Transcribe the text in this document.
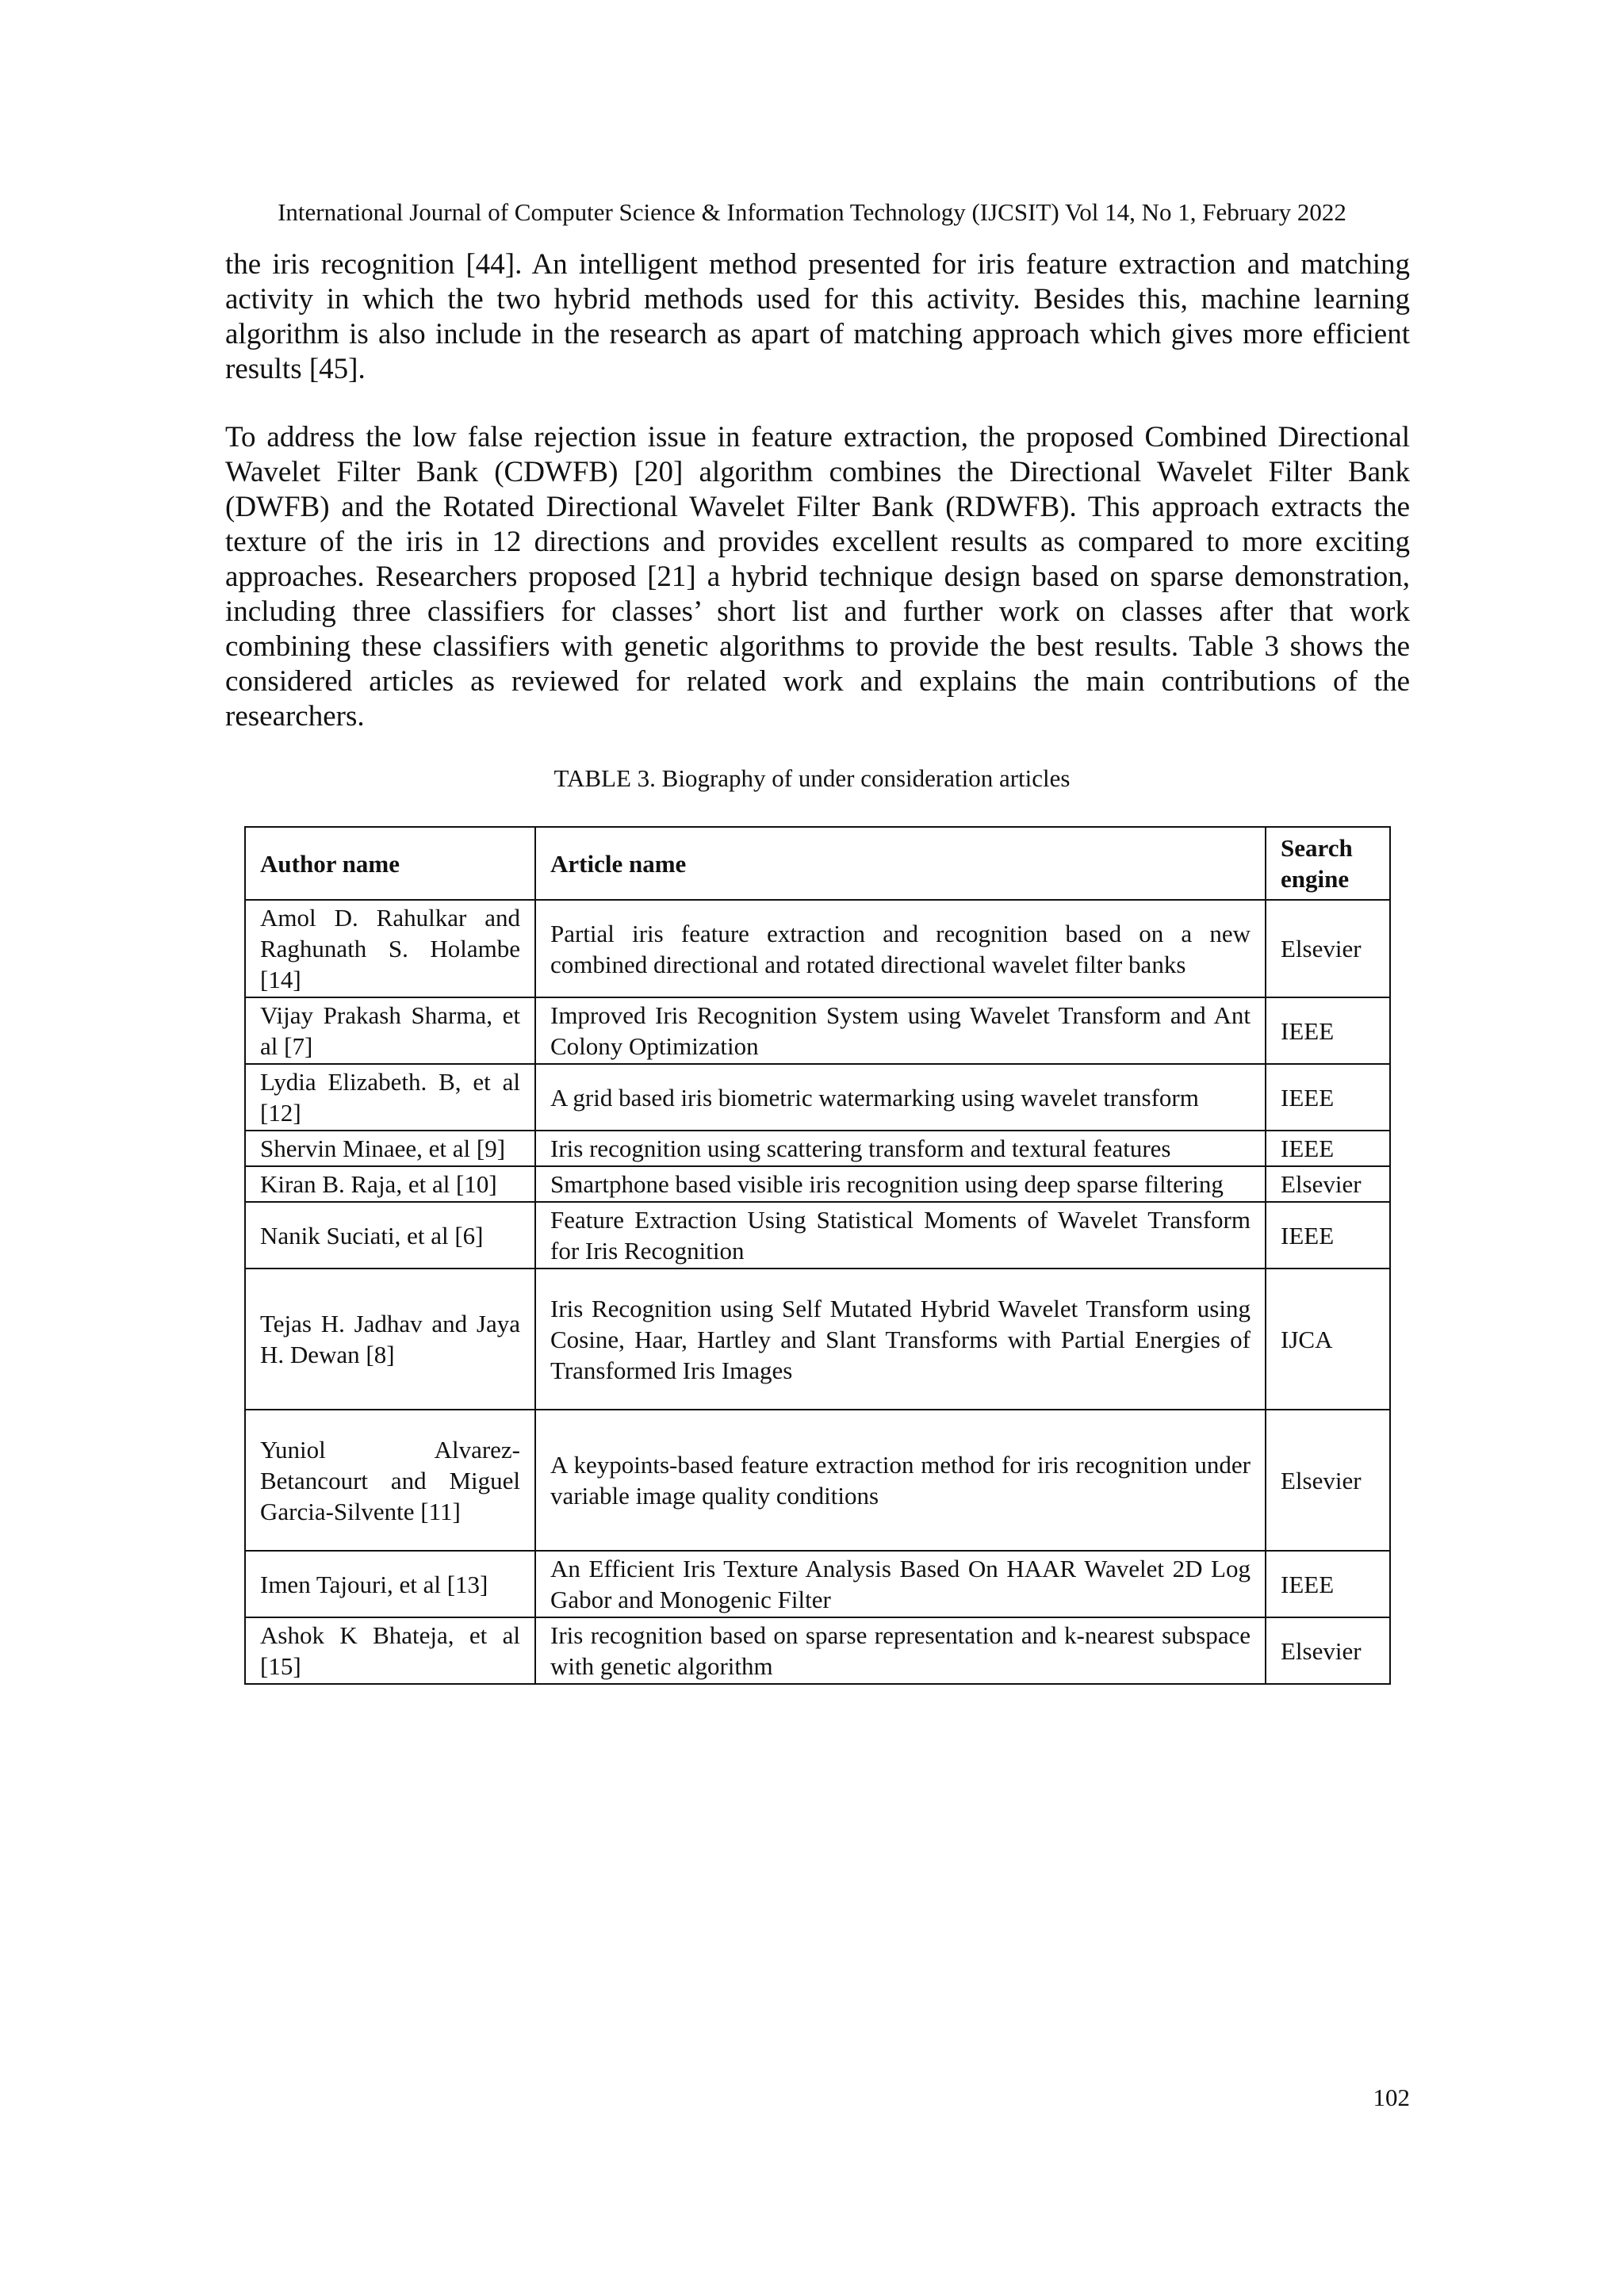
International Journal of Computer Science & Information Technology (IJCSIT) Vol 14, No 1, February 2022

the iris recognition [44]. An intelligent method presented for iris feature extraction and matching activity in which the two hybrid methods used for this activity. Besides this, machine learning algorithm is also include in the research as apart of matching approach which gives more efficient results [45].

To address the low false rejection issue in feature extraction, the proposed Combined Directional Wavelet Filter Bank (CDWFB) [20] algorithm combines the Directional Wavelet Filter Bank (DWFB) and the Rotated Directional Wavelet Filter Bank (RDWFB). This approach extracts the texture of the iris in 12 directions and provides excellent results as compared to more exciting approaches. Researchers proposed [21] a hybrid technique design based on sparse demonstration, including three classifiers for classes’ short list and further work on classes after that work combining these classifiers with genetic algorithms to provide the best results. Table 3 shows the considered articles as reviewed for related work and explains the main contributions of the researchers.

TABLE 3. Biography of under consideration articles
Author name	Article name	Search engine
Amol D. Rahulkar and Raghunath S. Holambe [14]	Partial iris feature extraction and recognition based on a new combined directional and rotated directional wavelet filter banks	Elsevier
Vijay Prakash Sharma, et al [7]	Improved Iris Recognition System using Wavelet Transform and Ant Colony Optimization	IEEE
Lydia Elizabeth. B, et al [12]	A grid based iris biometric watermarking using wavelet transform	IEEE
Shervin Minaee, et al [9]	Iris recognition using scattering transform and textural features	IEEE
Kiran B. Raja, et al [10]	Smartphone based visible iris recognition using deep sparse filtering	Elsevier
Nanik Suciati, et al [6]	Feature Extraction Using Statistical Moments of Wavelet Transform for Iris Recognition	IEEE
Tejas H. Jadhav and Jaya H. Dewan [8]	Iris Recognition using Self Mutated Hybrid Wavelet Transform using Cosine, Haar, Hartley and Slant Transforms with Partial Energies of Transformed Iris Images	IJCA
Yuniol Alvarez-Betancourt and Miguel Garcia-Silvente [11]	A keypoints-based feature extraction method for iris recognition under variable image quality conditions	Elsevier
Imen Tajouri, et al [13]	An Efficient Iris Texture Analysis Based On HAAR Wavelet 2D Log Gabor and Monogenic Filter	IEEE
Ashok K Bhateja, et al [15]	Iris recognition based on sparse representation and k-nearest subspace with genetic algorithm	Elsevier
102
